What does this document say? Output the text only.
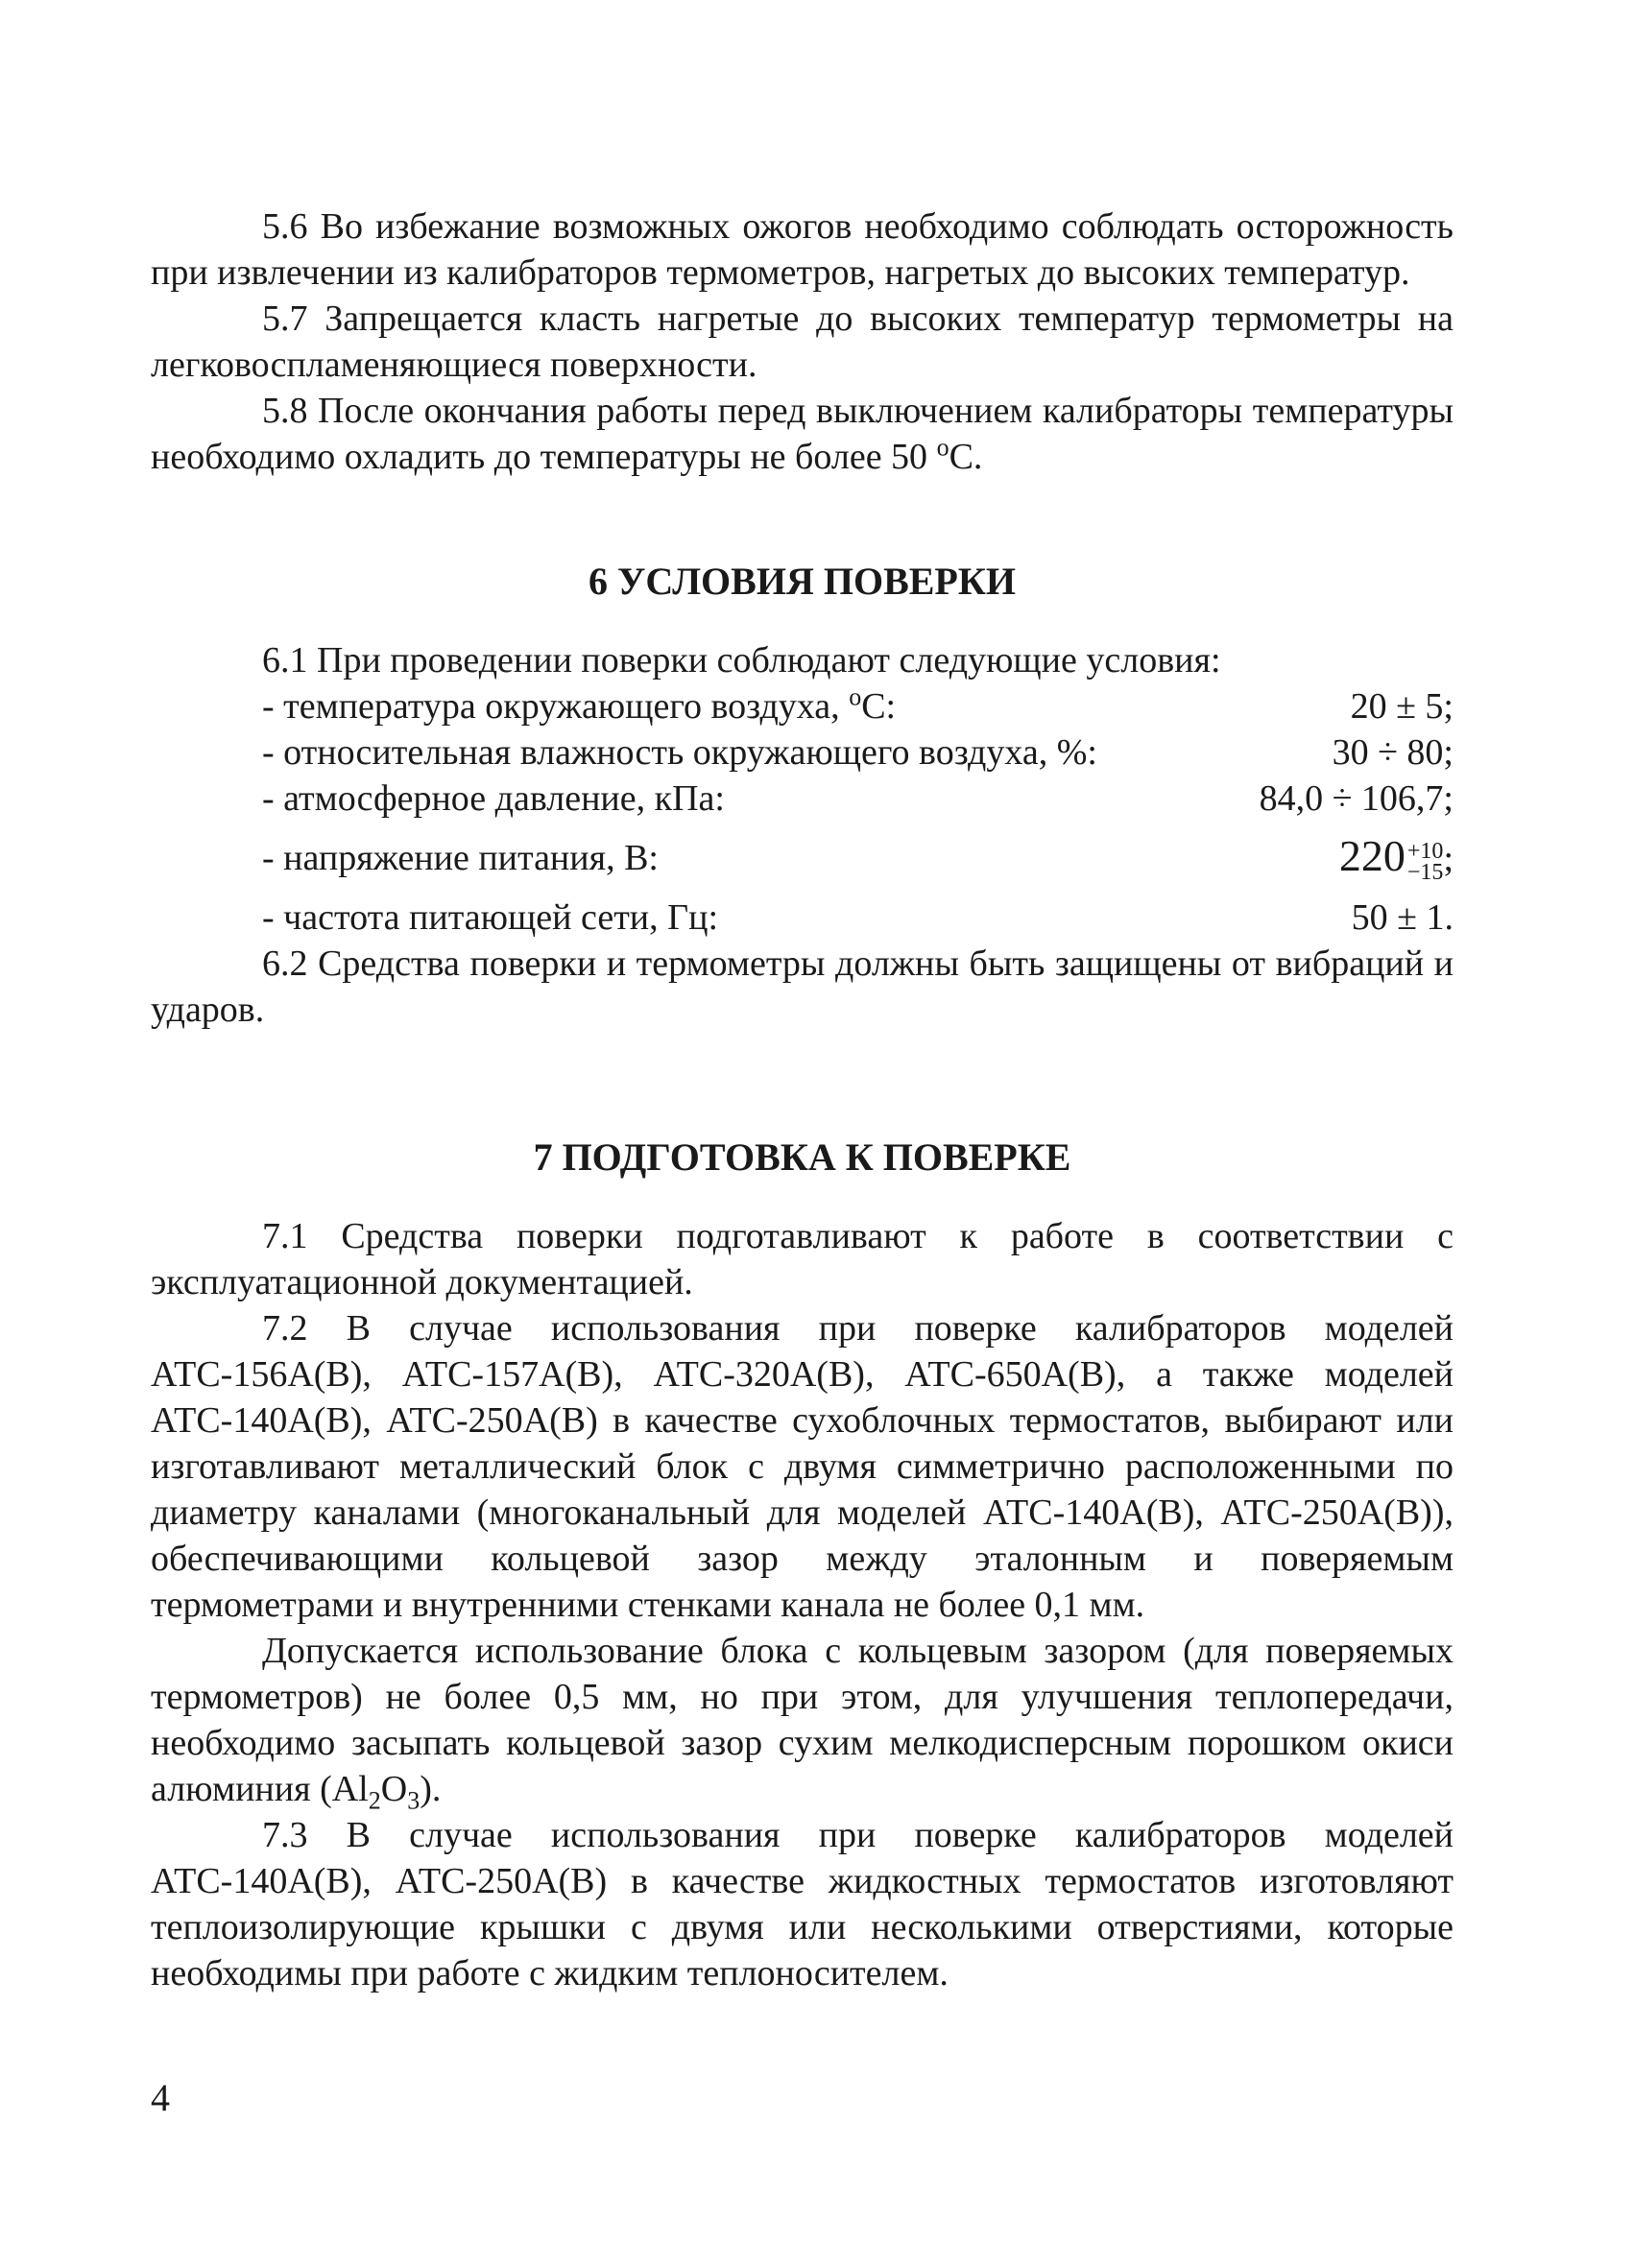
5.6 Во избежание возможных ожогов необходимо соблюдать осторожность при извлечении из калибраторов термометров, нагретых до высоких температур.

5.7 Запрещается класть нагретые до высоких температур термометры на легковоспламеняющиеся поверхности.

5.8 После окончания работы перед выключением калибраторы температуры необходимо охладить до температуры не более 50 $^o$С.

6 УСЛОВИЯ ПОВЕРКИ

6.1 При проведении поверки соблюдают следующие условия:

- температура окружающего воздуха, $^o$С:	20 ± 5;
- относительная влажность окружающего воздуха, %:	30 ÷ 80;
- атмосферное давление, кПа:	84,0 ÷ 106,7;
- напряжение питания, В:	220 +10
−15 ;
- частота питающей сети, Гц:	50 ± 1.

6.2 Средства поверки и термометры должны быть защищены от вибраций и ударов.

7 ПОДГОТОВКА К ПОВЕРКЕ

7.1 Средства поверки подготавливают к работе в соответствии с эксплуатационной документацией.

7.2 В случае использования при поверке калибраторов моделей АТС-156А(В), АТС-157А(В), АТС-320А(В), АТС-650А(В), а также моделей АТС-140А(В), АТС-250А(В) в качестве сухоблочных термостатов, выбирают или изготавливают металлический блок с двумя симметрично расположенными по диаметру каналами (многоканальный для моделей АТС-140А(В), АТС-250А(В)), обеспечивающими кольцевой зазор между эталонным и поверяемым термометрами и внутренними стенками канала не более 0,1 мм.

Допускается использование блока с кольцевым зазором (для поверяемых термометров) не более 0,5 мм, но при этом, для улучшения теплопередачи, необходимо засыпать кольцевой зазор сухим мелкодисперсным порошком окиси алюминия $(Al_2O_3)$.

7.3 В случае использования при поверке калибраторов моделей АТС-140А(В), АТС-250А(В) в качестве жидкостных термостатов изготовляют теплоизолирующие крышки с двумя или несколькими отверстиями, которые необходимы при работе с жидким теплоносителем.

4
